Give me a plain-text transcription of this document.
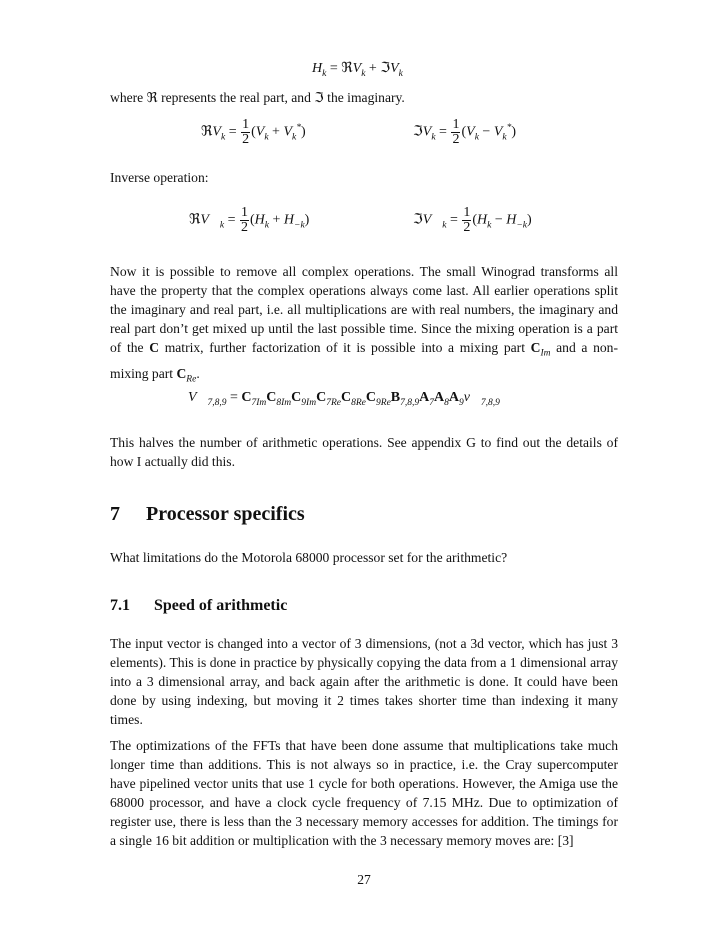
$H_k$ = ℜV$_k$ + ℑV$_k$

where ℜ represents the real part, and ℑ the imaginary.

ℜV$_k$ = $\frac{1}{2} (V_k + V_k^*)$	ℑV$_k$ = $\frac{1}{2} (V_k - V_k^*)$

Inverse operation:

$ℜV⃗_k = \frac{1}{2} (H_k + H_{-k})$	$ℑV⃗_k = \frac{1}{2} (H_k - H_{-k})$

Now it is possible to remove all complex operations. The small Winograd transforms all have the property that the complex operations always come last. All earlier operations split the imaginary and real part, i.e. all multiplications are with real numbers, the imaginary and real part don’t get mixed up until the last possible time. Since the mixing operation is a part of the C matrix, further factorization of it is possible into a mixing part $C_{Im}$ and a non-mixing part $C_{Re}$.

$V⃗_{7,8,9}$ = $C_{7Im}C_{8Im}C_{9Im}C_{7Re}C_{8Re}C_{9Re}B_{7,8,9}A_7A_8A_9v⃗_{7,8,9}$

This halves the number of arithmetic operations. See appendix G to find out the details of how I actually did this.

7 Processor specifics

What limitations do the Motorola 68000 processor set for the arithmetic?

7.1 Speed of arithmetic

The input vector is changed into a vector of 3 dimensions, (not a 3d vector, which has just 3 elements). This is done in practice by physically copying the data from a 1 dimensional array into a 3 dimensional array, and back again after the arithmetic is done. It could have been done by using indexing, but moving it 2 times takes shorter time than indexing it many times.

The optimizations of the FFTs that have been done assume that multiplications take much longer time than additions. This is not always so in practice, i.e. the Cray supercomputer have pipelined vector units that use 1 cycle for both operations. However, the Amiga use the 68000 processor, and have a clock cycle frequency of 7.15 MHz. Due to optimization of register use, there is less than the 3 necessary memory accesses for addition. The timings for a single 16 bit addition or multiplication with the 3 necessary memory moves are: [3]

27
